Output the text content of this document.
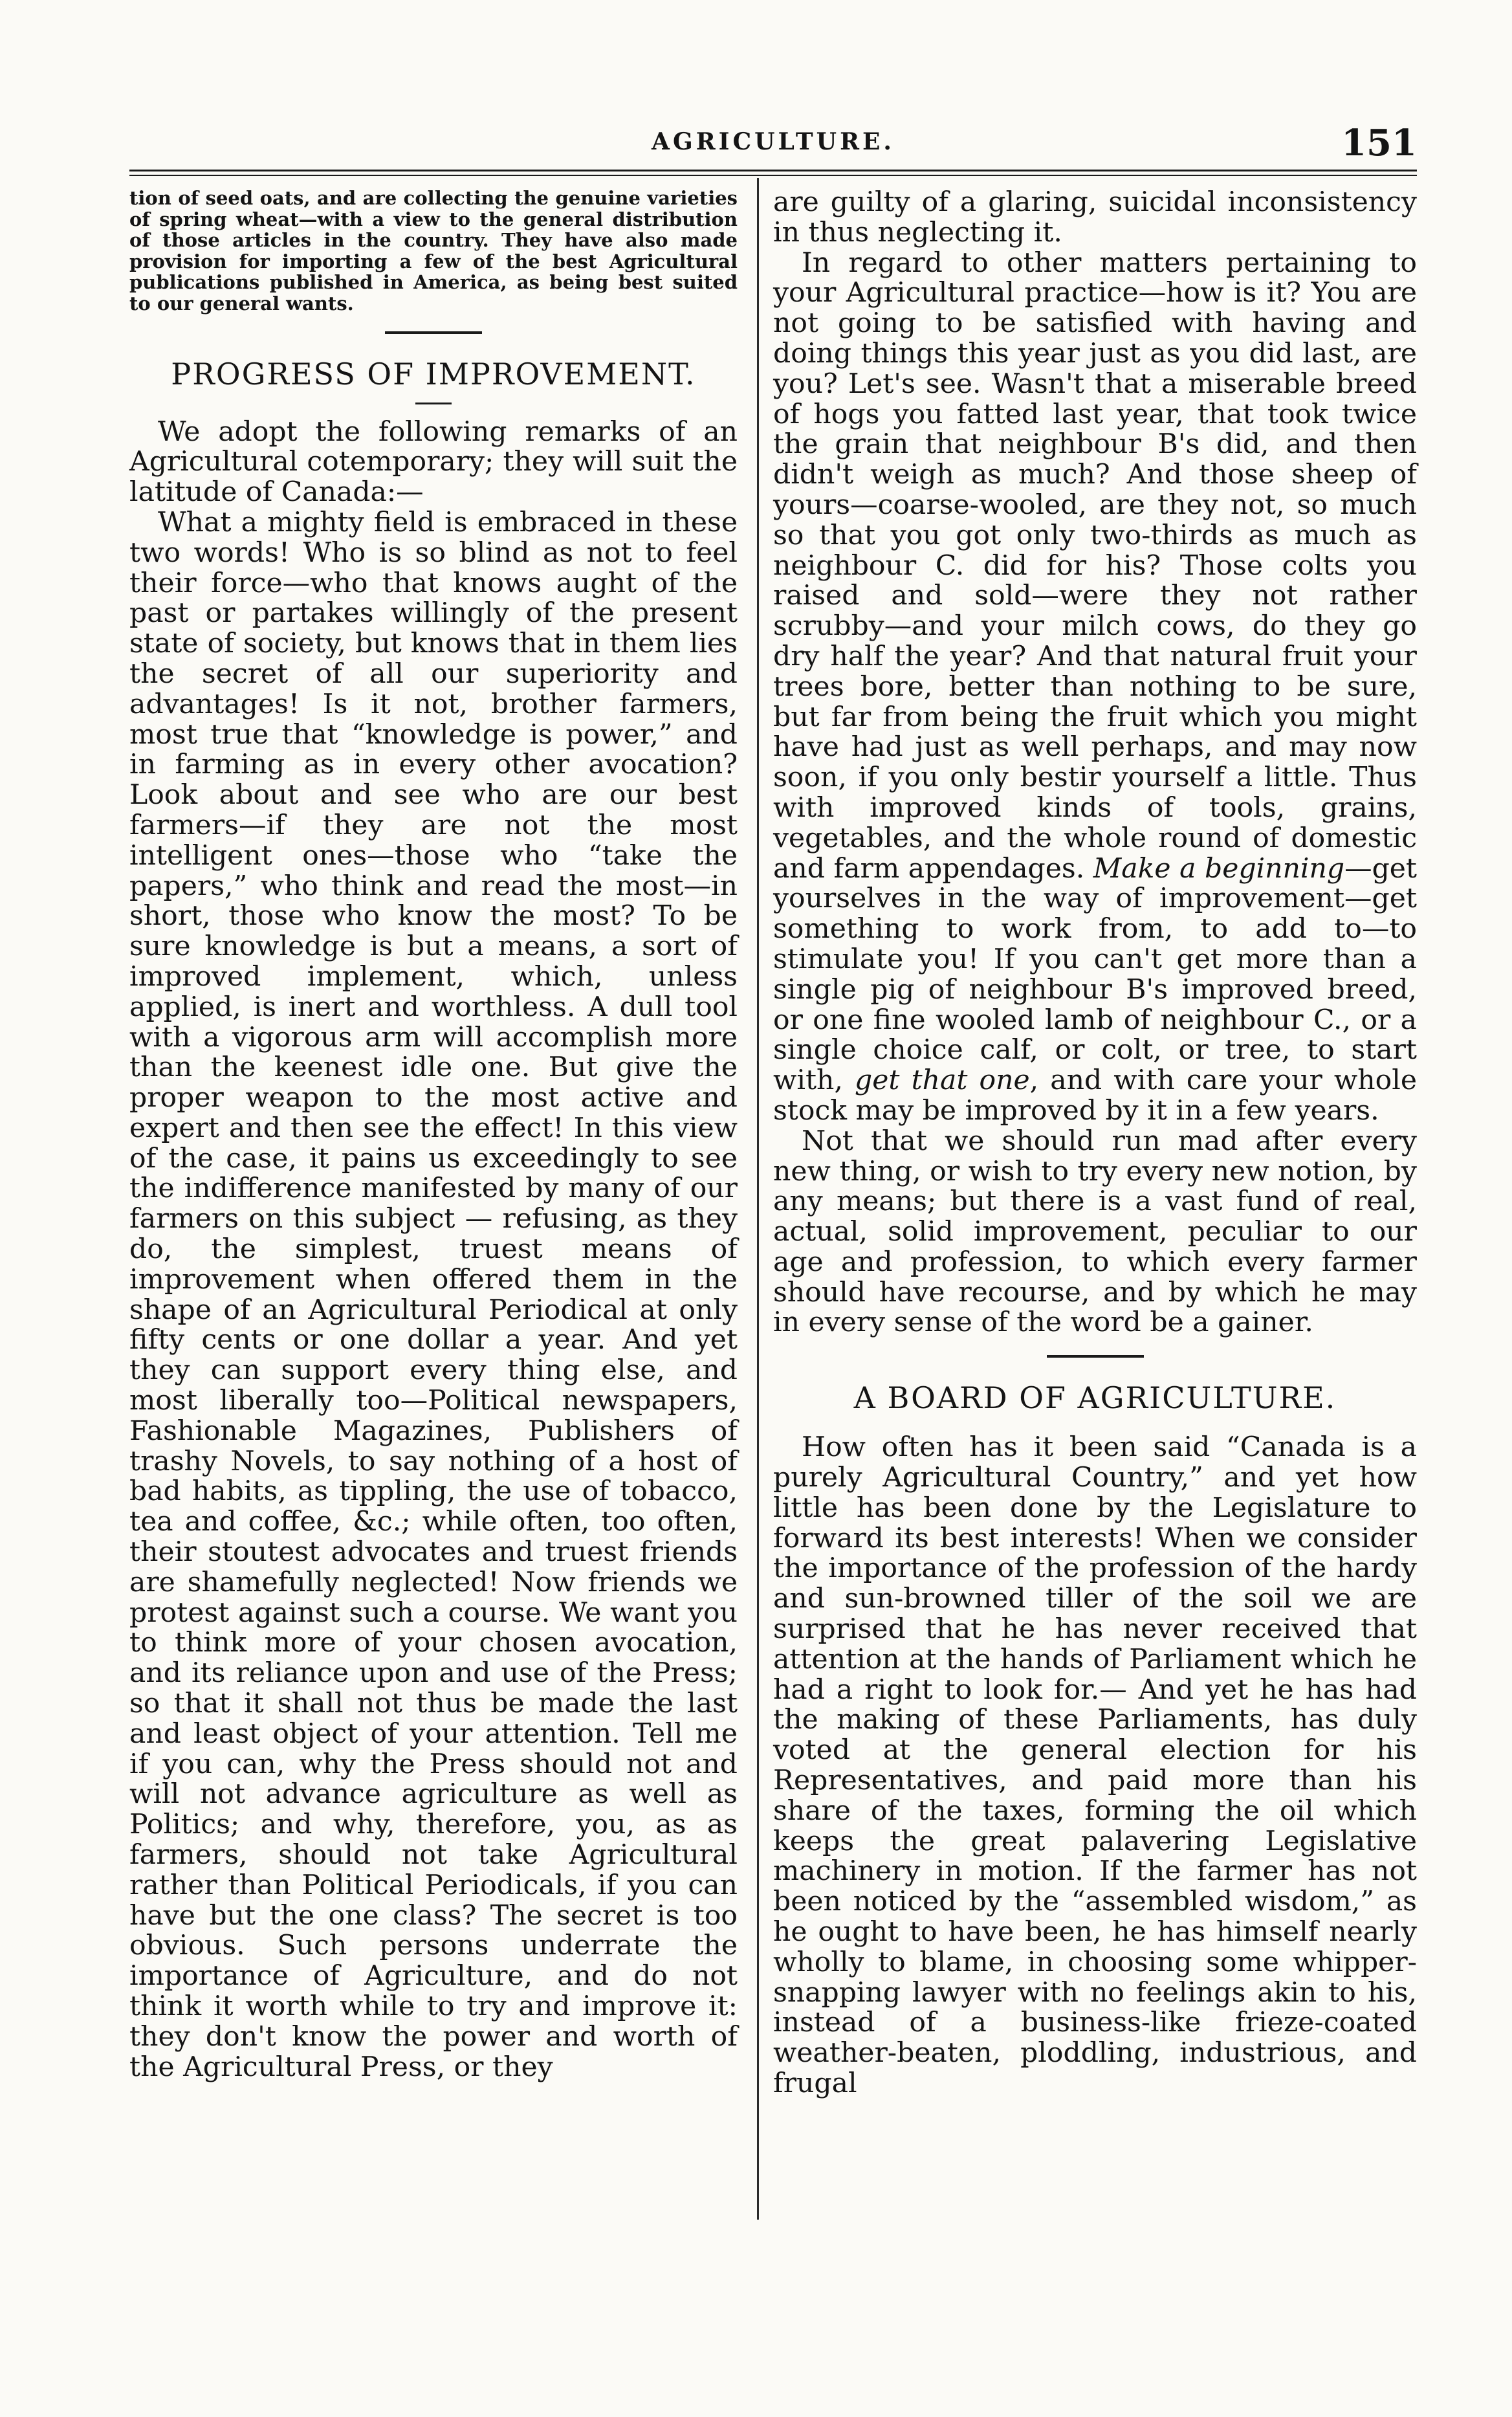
AGRICULTURE.	151

tion of seed oats, and are collecting the genuine varieties of spring wheat—with a view to the general distribution of those articles in the country. They have also made provision for importing a few of the best Agricultural publications published in America, as being best suited to our general wants.

PROGRESS OF IMPROVEMENT.

We adopt the following remarks of an Agricultural cotemporary; they will suit the latitude of Canada:—

What a mighty field is embraced in these two words! Who is so blind as not to feel their force—who that knows aught of the past or partakes willingly of the present state of society, but knows that in them lies the secret of all our superiority and advantages! Is it not, brother farmers, most true that “knowledge is power,” and in farming as in every other avocation? Look about and see who are our best farmers—if they are not the most intelligent ones—those who “take the papers,” who think and read the most—in short, those who know the most? To be sure knowledge is but a means, a sort of improved implement, which, unless applied, is inert and worthless. A dull tool with a vigorous arm will accomplish more than the keenest idle one. But give the proper weapon to the most active and expert and then see the effect! In this view of the case, it pains us exceedingly to see the indifference manifested by many of our farmers on this subject — refusing, as they do, the simplest, truest means of improvement when offered them in the shape of an Agricultural Periodical at only fifty cents or one dollar a year. And yet they can support every thing else, and most liberally too—Political newspapers, Fashionable Magazines, Publishers of trashy Novels, to say nothing of a host of bad habits, as tippling, the use of tobacco, tea and coffee, &c.; while often, too often, their stoutest advocates and truest friends are shamefully neglected! Now friends we protest against such a course. We want you to think more of your chosen avocation, and its reliance upon and use of the Press; so that it shall not thus be made the last and least object of your attention. Tell me if you can, why the Press should not and will not advance agriculture as well as Politics; and why, therefore, you, as as farmers, should not take Agricultural rather than Political Periodicals, if you can have but the one class? The secret is too obvious. Such persons underrate the importance of Agriculture, and do not think it worth while to try and improve it: they don't know the power and worth of the Agricultural Press, or they

are guilty of a glaring, suicidal inconsistency in thus neglecting it.

In regard to other matters pertaining to your Agricultural practice—how is it? You are not going to be satisfied with having and doing things this year just as you did last, are you? Let's see. Wasn't that a miserable breed of hogs you fatted last year, that took twice the grain that neighbour B's did, and then didn't weigh as much? And those sheep of yours—coarse-wooled, are they not, so much so that you got only two-thirds as much as neighbour C. did for his? Those colts you raised and sold—were they not rather scrubby—and your milch cows, do they go dry half the year? And that natural fruit your trees bore, better than nothing to be sure, but far from being the fruit which you might have had just as well perhaps, and may now soon, if you only bestir yourself a little. Thus with improved kinds of tools, grains, vegetables, and the whole round of domestic and farm appendages. Make a beginning—get yourselves in the way of improvement—get something to work from, to add to—to stimulate you! If you can't get more than a single pig of neighbour B's improved breed, or one fine wooled lamb of neighbour C., or a single choice calf, or colt, or tree, to start with, get that one, and with care your whole stock may be improved by it in a few years.

Not that we should run mad after every new thing, or wish to try every new notion, by any means; but there is a vast fund of real, actual, solid improvement, peculiar to our age and profession, to which every farmer should have recourse, and by which he may in every sense of the word be a gainer.

A BOARD OF AGRICULTURE.

How often has it been said “Canada is a purely Agricultural Country,” and yet how little has been done by the Legislature to forward its best interests! When we consider the importance of the profession of the hardy and sun-browned tiller of the soil we are surprised that he has never received that attention at the hands of Parliament which he had a right to look for.— And yet he has had the making of these Parliaments, has duly voted at the general election for his Representatives, and paid more than his share of the taxes, forming the oil which keeps the great palavering Legislative machinery in motion. If the farmer has not been noticed by the “assembled wisdom,” as he ought to have been, he has himself nearly wholly to blame, in choosing some whipper-snapping lawyer with no feelings akin to his, instead of a business-like frieze-coated weather-beaten, ploddling, industrious, and frugal
